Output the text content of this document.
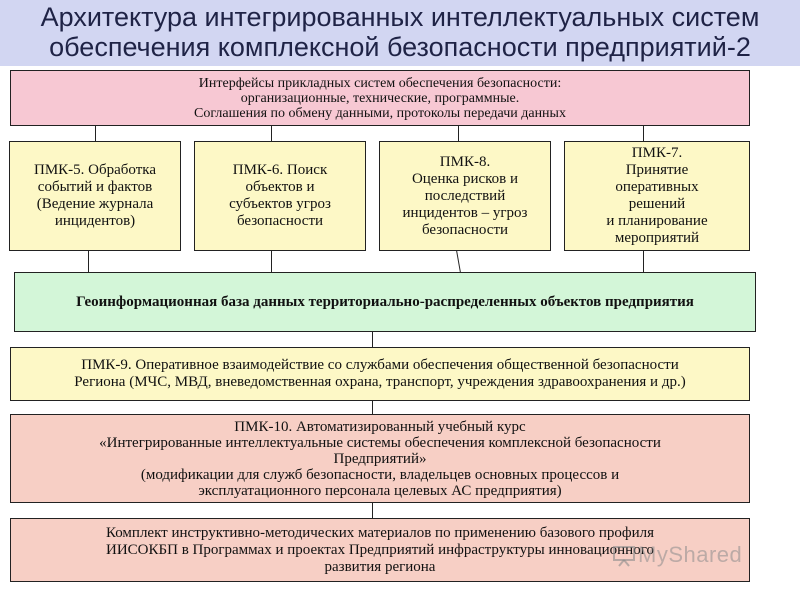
Архитектура интегрированных интеллектуальных систем
обеспечения комплексной безопасности предприятий-2
Интерфейсы прикладных систем обеспечения безопасности:
организационные, технические, программные.
Соглашения по обмену данными, протоколы передачи данных
ПМК-5. Обработка
событий и фактов
(Ведение журнала
инцидентов)
ПМК-6. Поиск
объектов и
субъектов угроз
безопасности
ПМК-8.
Оценка рисков и
последствий
инцидентов – угроз
безопасности
ПМК-7.
Принятие
оперативных
решений
и планирование
мероприятий
Геоинформационная база данных территориально-распределенных объектов предприятия
ПМК-9. Оперативное взаимодействие со службами обеспечения общественной безопасности
Региона (МЧС, МВД, вневедомственная охрана, транспорт, учреждения здравоохранения и др.)
ПМК-10. Автоматизированный учебный курс
«Интегрированные интеллектуальные системы обеспечения комплексной безопасности
Предприятий»
(модификации для служб безопасности, владельцев основных процессов и
эксплуатационного персонала целевых АС предприятия)
Комплект инструктивно-методических материалов по применению базового профиля
ИИСОКБП в Программах и проектах Предприятий инфраструктуры инновационного
развития региона	MyShared
